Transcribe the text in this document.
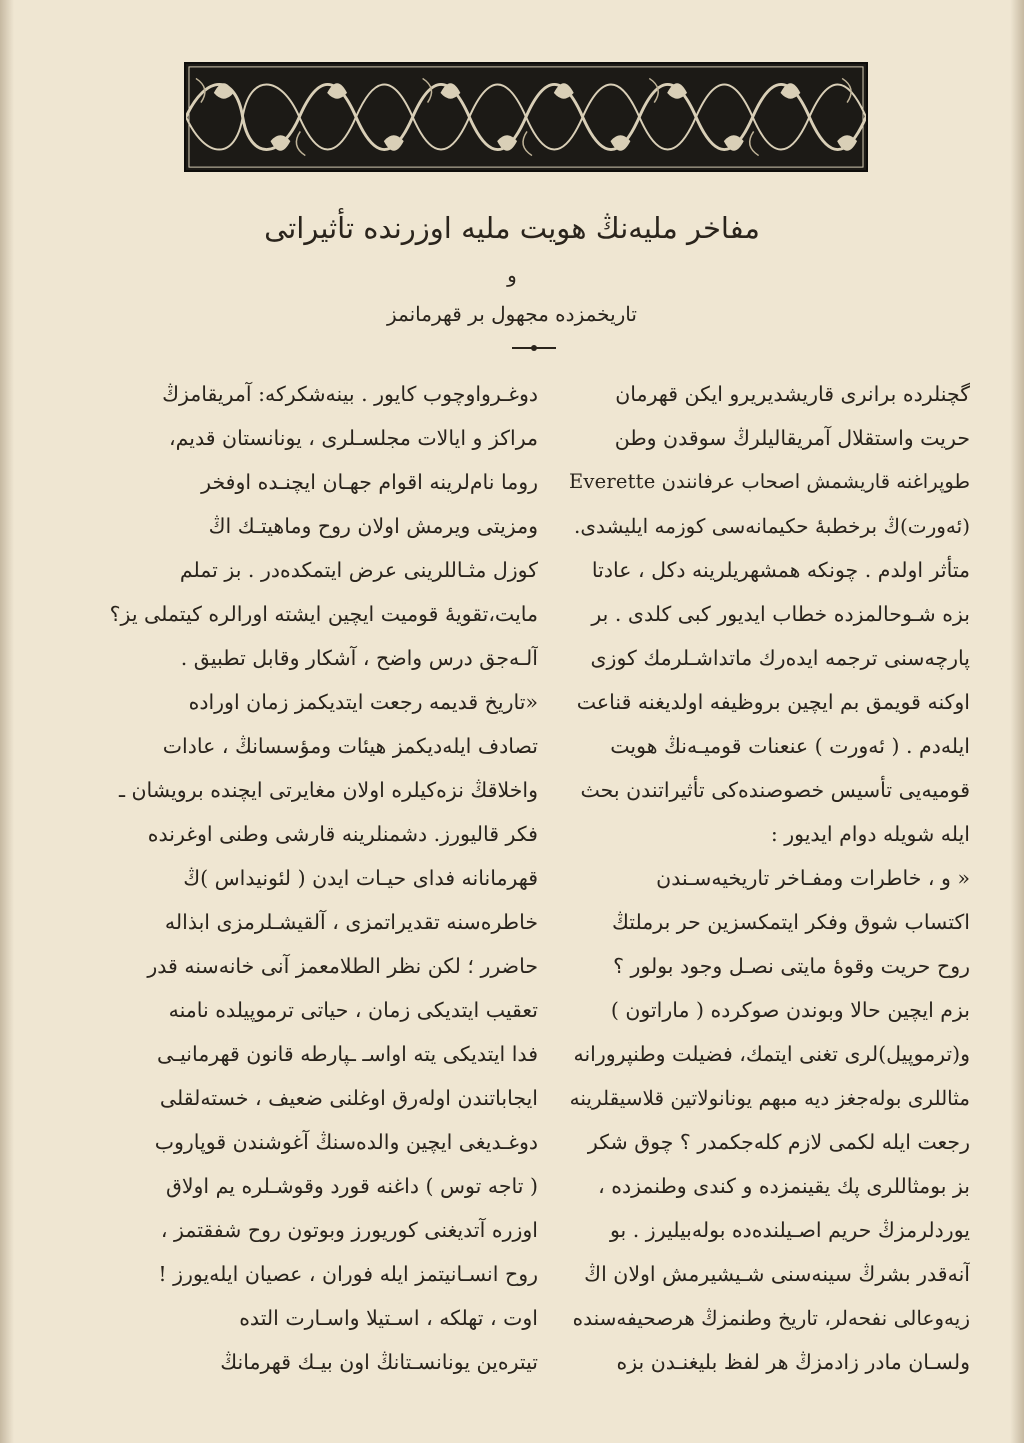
مفاخر مليه‌نڭ هويت مليه اوزرنده تأثيراتى
و
تاريخمزده مجهول بر قهرمانمز
گچنلرده برانرى قاريشديريرو ايكن قهرمان
حريت واستقلال آمريقاليلرڭ سوقدن وطن
طوپراغنه قاريشمش اصحاب عرفانندن Everette
(ئەورت)ڭ برخطبهٔ حكيمانه‌سى كوزمه ايليشدى.
متأثر اولدم . چونكه همشهريلرينه دكل ، عادتا
بزه شـوحالمزده خطاب ايديور كبى كلدى . بر
پارچه‌سنى ترجمه ايده‌رك ماتداشـلرمك كوزى
اوكنه قويمق بم ايچين بروظيفه اولديغنه قناعت
ايلەدم . ( ئەورت ) عنعنات قوميـه‌نڭ هويت
قوميه‌يى تأسيس خصوصنده‌كى تأثيراتندن بحث
ايله شويله دوام ايديور :
« و ، خاطرات ومفـاخر تاريخيه‌سـندن
اكتساب شوق وفكر ايتمكسزين حر برملتڭ
روح حريت وقوهٔ مايتى نصـل وجود بولور ؟
بزم ايچين حالا وبوندن صوكرده ( ماراتون )
و(ترموپيل)لرى تغنى ايتمك، فضيلت وطنپرورانه
مثاللرى بوله‌جغز ديه مبهم يونانولاتين قلاسيقلرينه
رجعت ايله لكمى لازم كله‌جكمدر ؟ چوق شكر
بز بومثاللرى پك يقينمزده و كندى وطنمزده ،
يوردلرمزڭ حريم اصـيلنده‌ده بوله‌بيليرز . بو
آنه‌قدر بشرڭ سينه‌سنى شـيشيرمش اولان اڭ
زيه‌وعالى نفحه‌لر، تاريخ وطنمزڭ هرصحيفه‌سنده
ولسـان مادر زادمزڭ هر لفظ بليغنـدن بزه
دوغـرواوچوب كايور . بينه‌شكركه: آمريقامزڭ
مراكز و ايالات مجلسـلرى ، يونانستان قديم،
روما نام‌لرينه اقوام جهـان ايچنـده ‌اوفخر
ومزيتى ويرمش اولان روح وماهيتـك اڭ
كوزل مثـاللرينى عرض ايتمكده‌در . بز تملم
مايت،تقويهٔ قوميت ايچين ايشته اورالره كيتملى يز؟
آلـه‌جق درس واضح ، آشكار وقابل تطبيق .
«تاريخ قديمه رجعت ايتديكمز زمان اوراده
تصادف ايله‌ديكمز هيئات ومؤسسانڭ ، عادات
واخلاقڭ نزه‌كيلره اولان مغايرتى ايچنده برويشان ـ
فكر قاليورز. دشمنلرينه قارشى وطنى اوغرنده
قهرمانانه فداى حيـات ايدن ( لئونيداس )ڭ
خاطره‌سنه تقديراتمزى ، آلقيشـلرمزى ابذاله
حاضرر ؛ لكن نظر الطلامعمز آنى خانه‌سنه قدر
تعقيب ايتديكى زمان ، حياتى ترموپيلده نامنه
فدا ايتديكى يته اواسـ ـپارطه قانون قهرمانيـى
ايجاباتندن اوله‌رق اوغلنى ضعيف ، خسته‌لقلى
دوغـديغى ايچين والده‌سنڭ آغوشندن قوپاروب
( تاجه توس ) داغنه قورد وقوشـلره يم اولاق
اوزره آتديغنى كوريورز وبوتون روح شفقتمز ،
روح انسـانيتمز ايله فوران ، عصيان ايله‌يورز !
اوت ، تهلكه ، اسـتيلا واسـارت التده
تيتره‌ين يونانسـتانڭ اون بيـك قهرمانڭ
